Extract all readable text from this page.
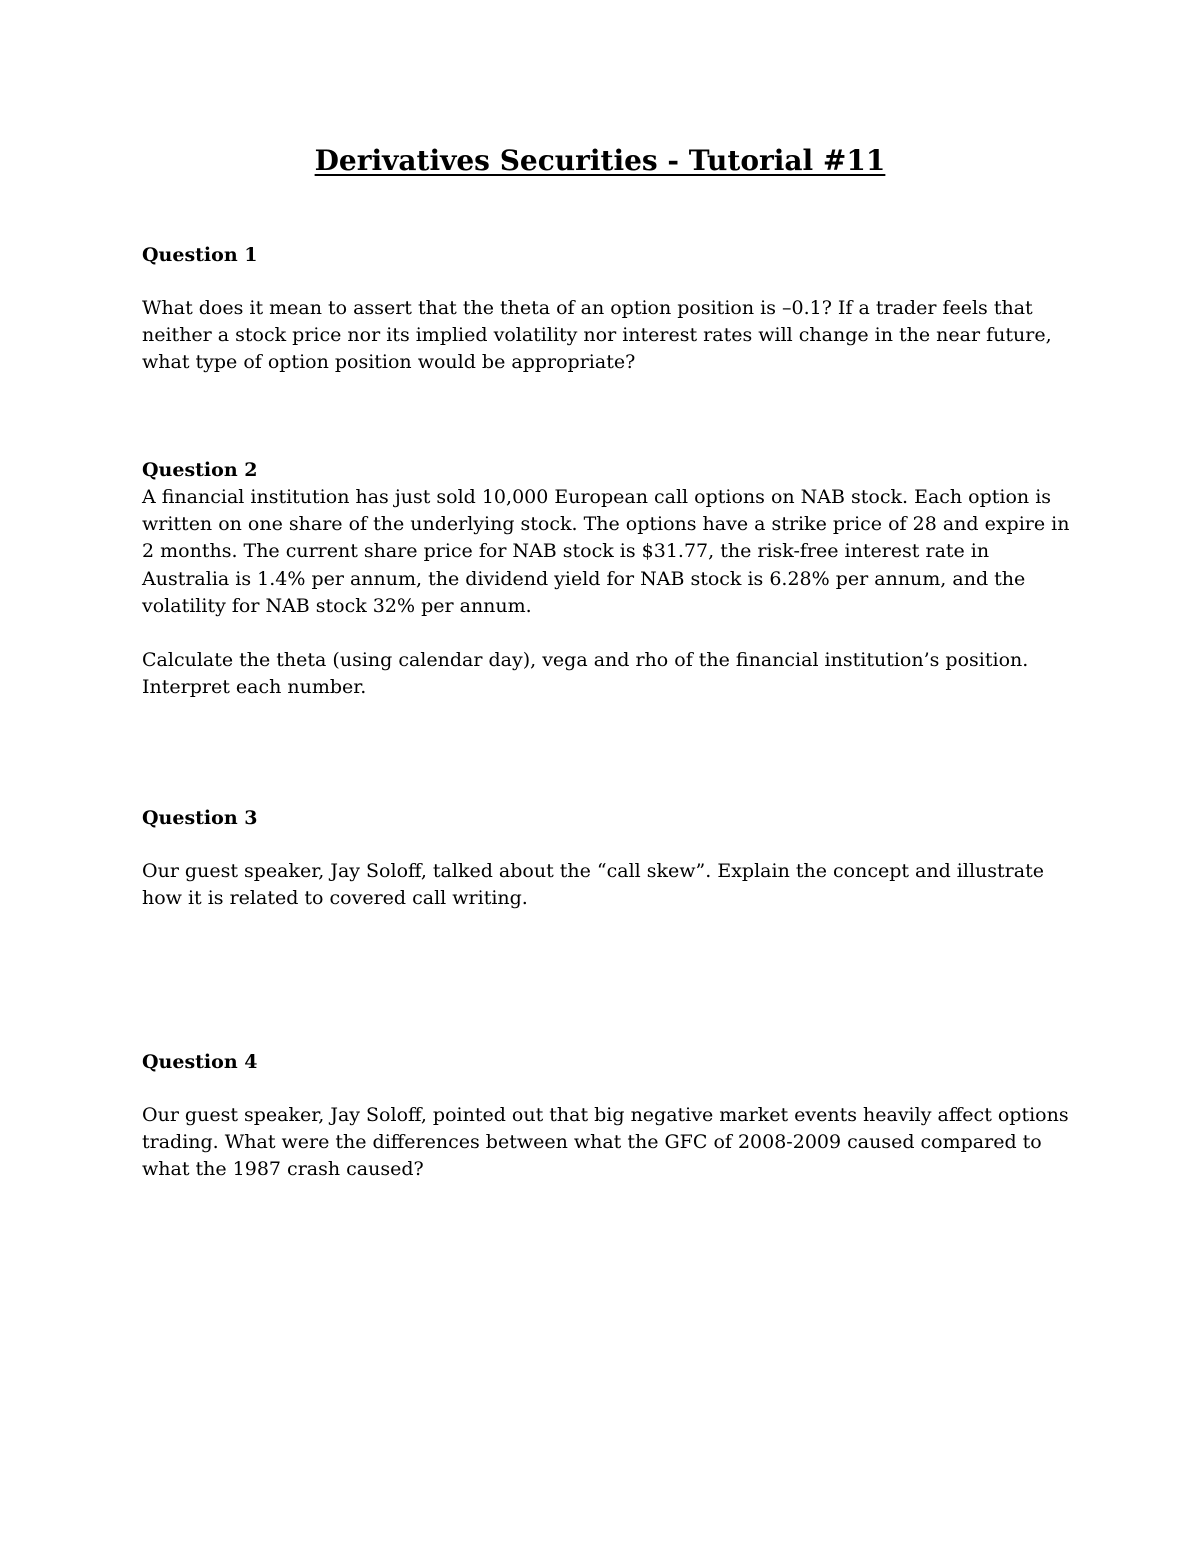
Derivatives Securities - Tutorial #11

Question 1

What does it mean to assert that the theta of an option position is –0.1? If a trader feels that neither a stock price nor its implied volatility nor interest rates will change in the near future, what type of option position would be appropriate?

Question 2

A financial institution has just sold 10,000 European call options on NAB stock. Each option is written on one share of the underlying stock. The options have a strike price of 28 and expire in 2 months. The current share price for NAB stock is $31.77, the risk-free interest rate in Australia is 1.4% per annum, the dividend yield for NAB stock is 6.28% per annum, and the volatility for NAB stock 32% per annum.

Calculate the theta (using calendar day), vega and rho of the financial institution’s position. Interpret each number.

Question 3

Our guest speaker, Jay Soloff, talked about the “call skew”. Explain the concept and illustrate how it is related to covered call writing.

Question 4

Our guest speaker, Jay Soloff, pointed out that big negative market events heavily affect options trading. What were the differences between what the GFC of 2008-2009 caused compared to what the 1987 crash caused?
